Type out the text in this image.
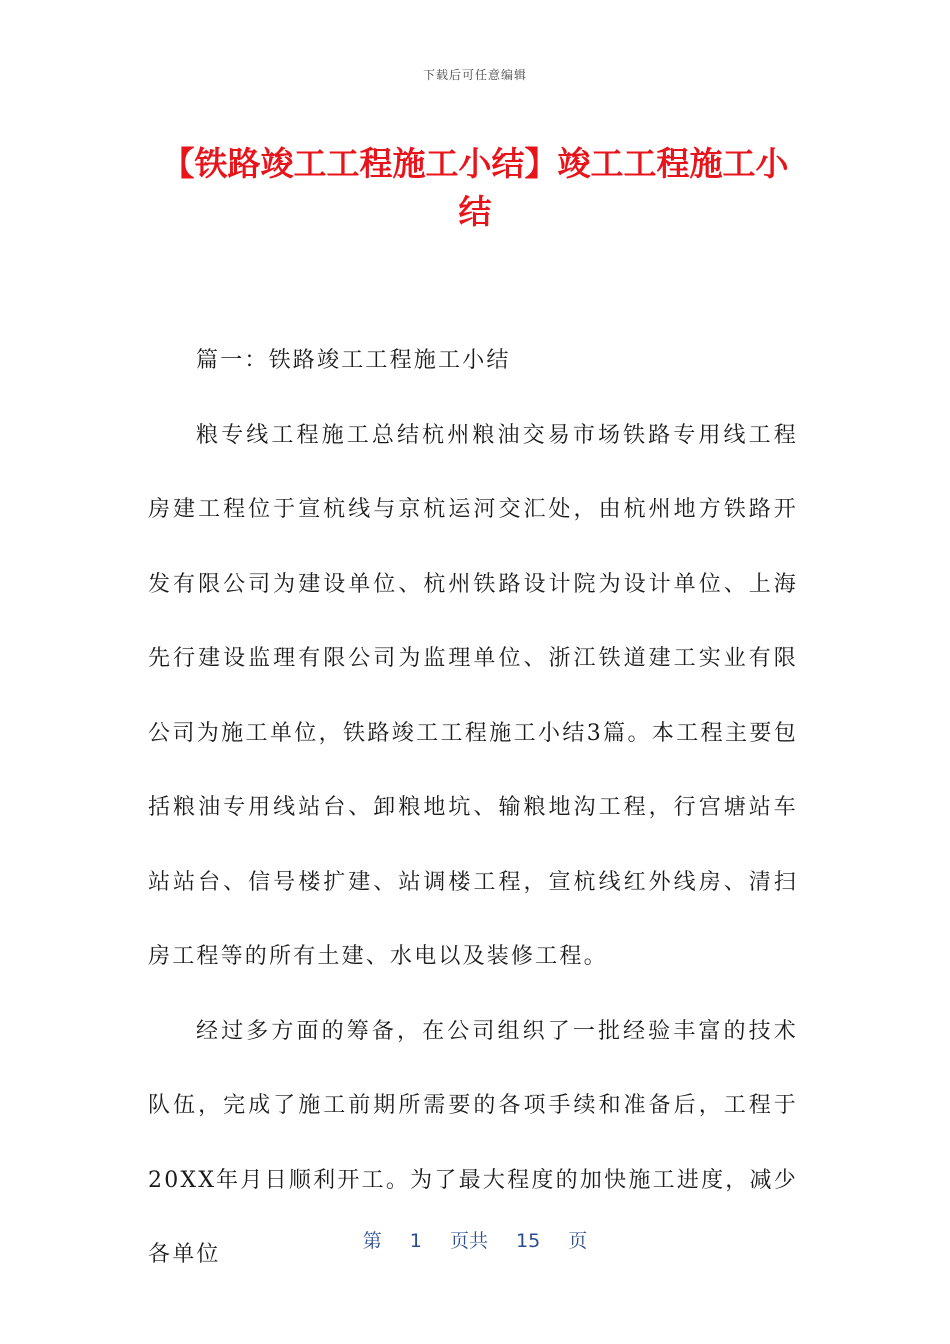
下载后可任意编辑
【铁路竣工工程施工小结】竣工工程施工小结

篇一：铁路竣工工程施工小结

粮专线工程施工总结杭州粮油交易市场铁路专用线工程房建工程位于宣杭线与京杭运河交汇处，由杭州地方铁路开发有限公司为建设单位、杭州铁路设计院为设计单位、上海先行建设监理有限公司为监理单位、浙江铁道建工实业有限公司为施工单位，铁路竣工工程施工小结3篇。本工程主要包括粮油专用线站台、卸粮地坑、输粮地沟工程，行宫塘站车站站台、信号楼扩建、站调楼工程，宣杭线红外线房、清扫房工程等的所有土建、水电以及装修工程。

经过多方面的筹备，在公司组织了一批经验丰富的技术队伍，完成了施工前期所需要的各项手续和准备后，工程于20XX年月日顺利开工。为了最大程度的加快施工进度，减少各单位

第 1 页共 15 页
